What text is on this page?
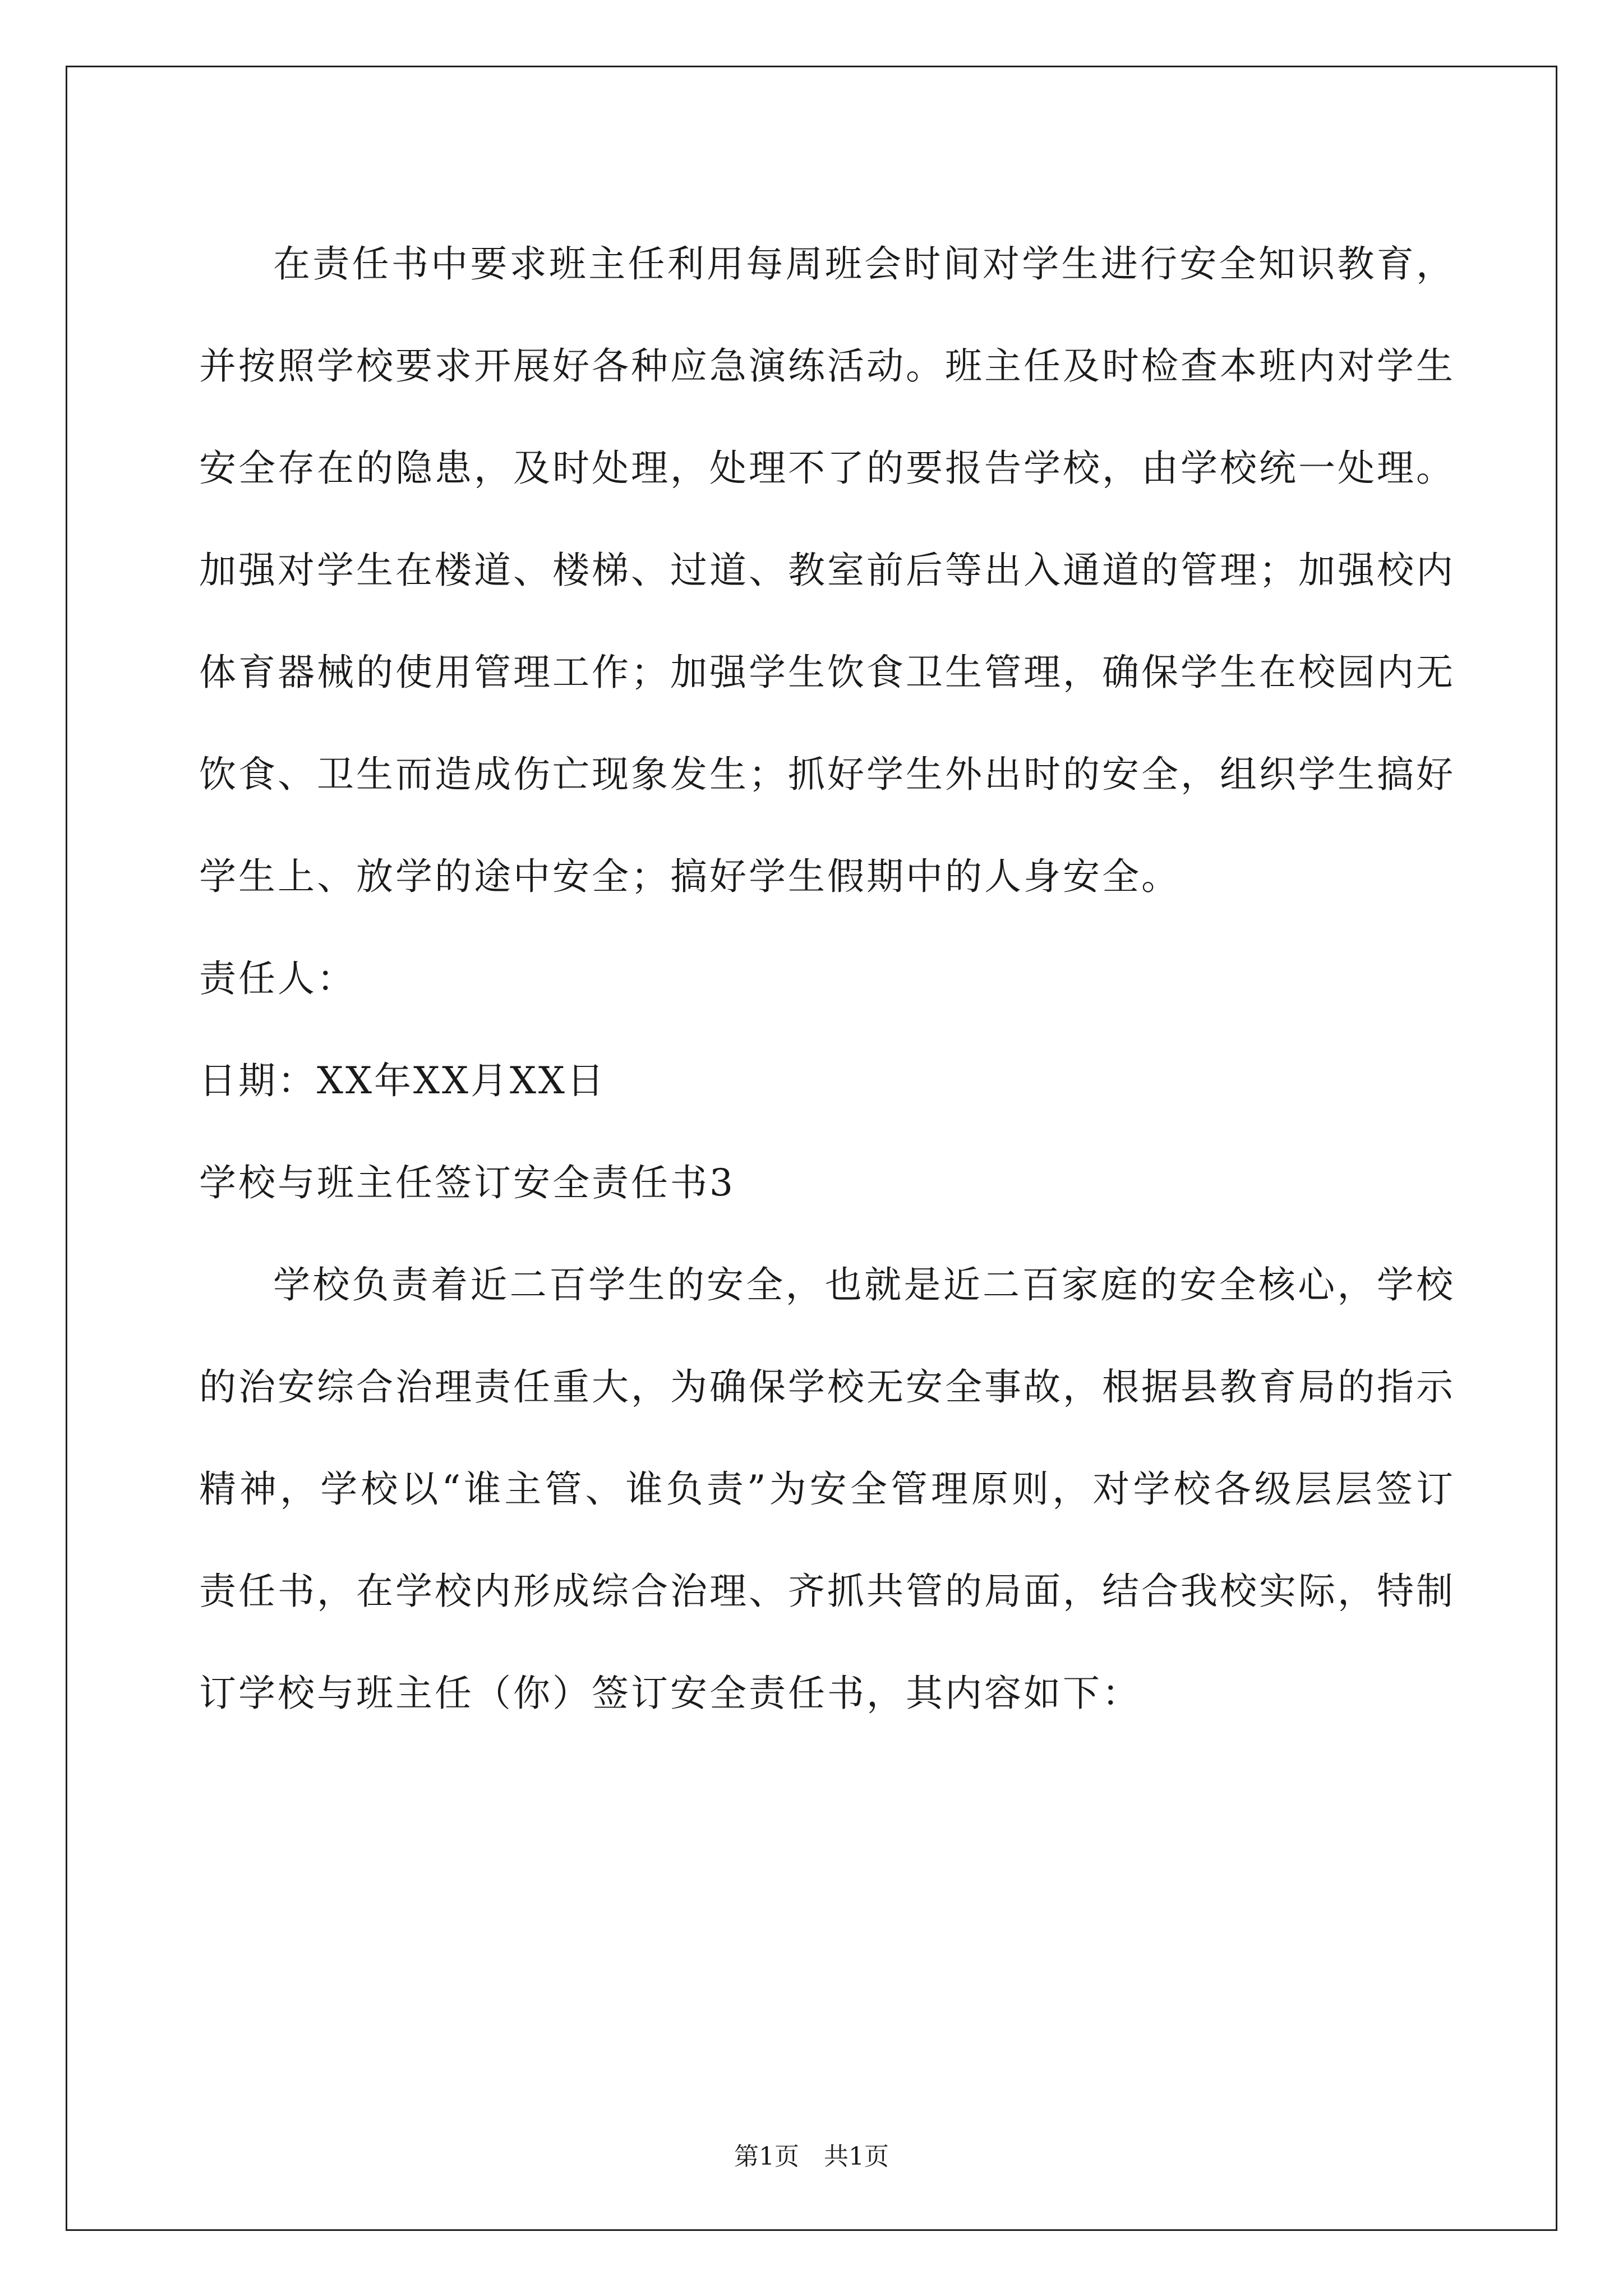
在责任书中要求班主任利用每周班会时间对学生进行安全知识教育，并按照学校要求开展好各种应急演练活动。班主任及时检查本班内对学生安全存在的隐患，及时处理，处理不了的要报告学校，由学校统一处理。加强对学生在楼道、楼梯、过道、教室前后等出入通道的管理；加强校内体育器械的使用管理工作；加强学生饮食卫生管理，确保学生在校园内无饮食、卫生而造成伤亡现象发生；抓好学生外出时的安全，组织学生搞好学生上、放学的途中安全；搞好学生假期中的人身安全。

责任人：

日期：XX年XX月XX日

学校与班主任签订安全责任书3

学校负责着近二百学生的安全，也就是近二百家庭的安全核心，学校的治安综合治理责任重大，为确保学校无安全事故，根据县教育局的指示精神，学校以“谁主管、谁负责”为安全管理原则，对学校各级层层签订责任书，在学校内形成综合治理、齐抓共管的局面，结合我校实际，特制订学校与班主任（你）签订安全责任书，其内容如下：

第1页 共1页
